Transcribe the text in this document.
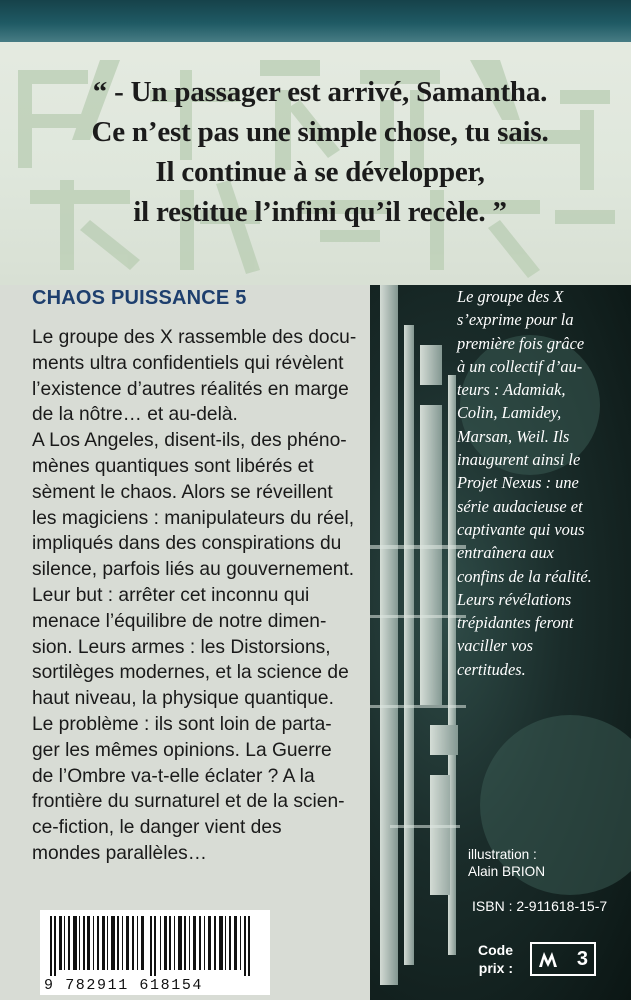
“ - Un passager est arrivé, Samantha.
Ce n’est pas une simple chose, tu sais.
Il continue à se développer,
il restitue l’infini qu’il recèle. ”
CHAOS PUISSANCE 5
Le groupe des X rassemble des docu-
ments ultra confidentiels qui révèlent
l’existence d’autres réalités en marge
de la nôtre… et au-delà.
A Los Angeles, disent-ils, des phéno-
mènes quantiques sont libérés et
sèment le chaos. Alors se réveillent
les magiciens : manipulateurs du réel,
impliqués dans des conspirations du
silence, parfois liés au gouvernement.
Leur but : arrêter cet inconnu qui
menace l’équilibre de notre dimen-
sion. Leurs armes : les Distorsions,
sortilèges modernes, et la science de
haut niveau, la physique quantique.
Le problème : ils sont loin de parta-
ger les mêmes opinions. La Guerre
de l’Ombre va-t-elle éclater ? A la
frontière du surnaturel et de la scien-
ce-fiction, le danger vient des
mondes parallèles…
Le groupe des X
s’exprime pour la
première fois grâce
à un collectif d’au-
teurs : Adamiak,
Colin, Lamidey,
Marsan, Weil. Ils
inaugurent ainsi le
Projet Nexus : une
série audacieuse et
captivante qui vous
entraînera aux
confins de la réalité.
Leurs révélations
trépidantes feront
vaciller vos
certitudes.
illustration :
Alain BRION
ISBN : 2-911618-15-7
Code
prix :	3
9 782911 618154
